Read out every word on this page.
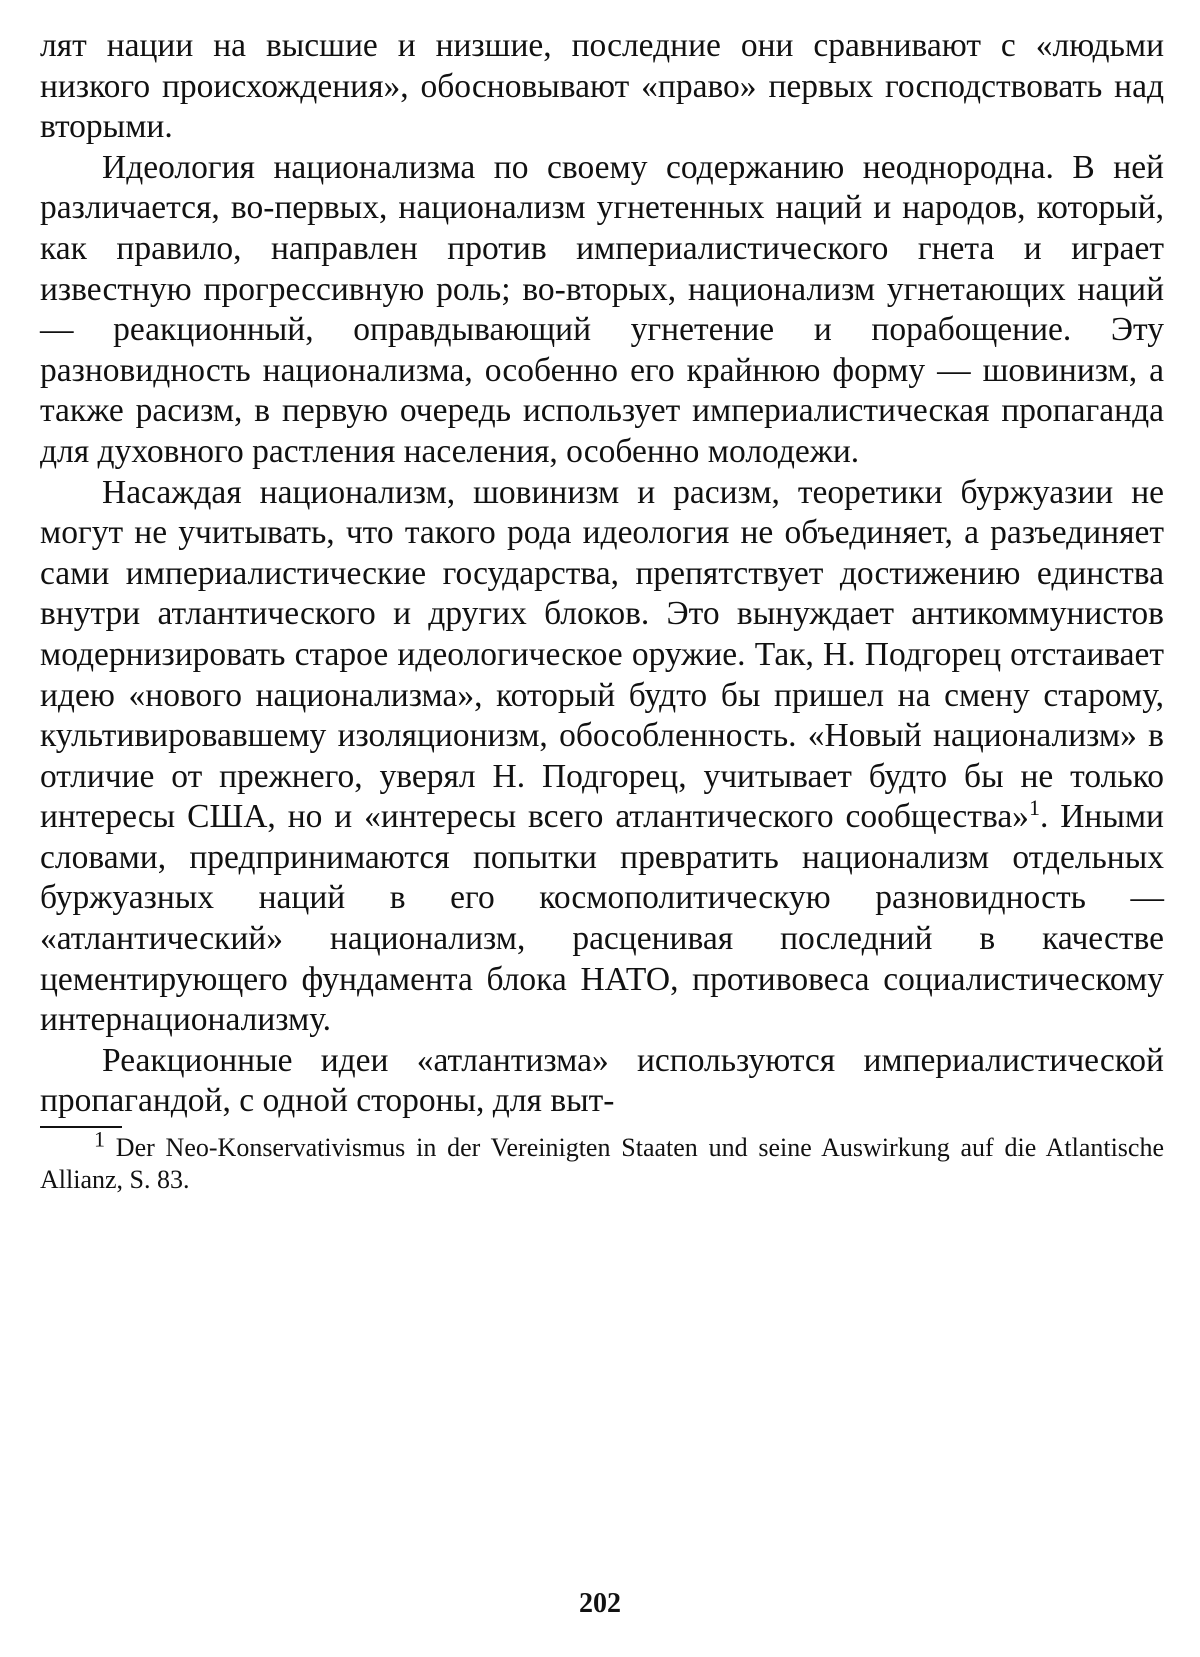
лят нации на высшие и низшие, последние они сравнивают с «людьми низкого происхождения», обосновывают «право» первых господствовать над вторыми.

Идеология национализма по своему содержанию неоднородна. В ней различается, во-первых, национализм угнетенных наций и народов, который, как правило, направлен против империалистического гнета и играет известную прогрессивную роль; во-вторых, национализм угнетающих наций — реакционный, оправдывающий угнетение и порабощение. Эту разновидность национализма, особенно его крайнюю форму — шовинизм, а также расизм, в первую очередь использует империалистическая пропаганда для духовного растления населения, особенно молодежи.

Насаждая национализм, шовинизм и расизм, теоретики буржуазии не могут не учитывать, что такого рода идеология не объединяет, а разъединяет сами империалистические государства, препятствует достижению единства внутри атлантического и других блоков. Это вынуждает антикоммунистов модернизировать старое идеологическое оружие. Так, Н. Подгорец отстаивает идею «нового национализма», который будто бы пришел на смену старому, культивировавшему изоляционизм, обособленность. «Новый национализм» в отличие от прежнего, уверял Н. Подгорец, учитывает будто бы не только интересы США, но и «интересы всего атлантического сообщества»$^1$. Иными словами, предпринимаются попытки превратить национализм отдельных буржуазных наций в его космополитическую разновидность — «атлантический» национализм, расценивая последний в качестве цементирующего фундамента блока НАТО, противовеса социалистическому интернационализму.

Реакционные идеи «атлантизма» используются империалистической пропагандой, с одной стороны, для выт-

$^1$ Der Neo-Konservativismus in der Vereinigten Staaten und seine Auswirkung auf die Atlantische Allianz, S. 83.

202
